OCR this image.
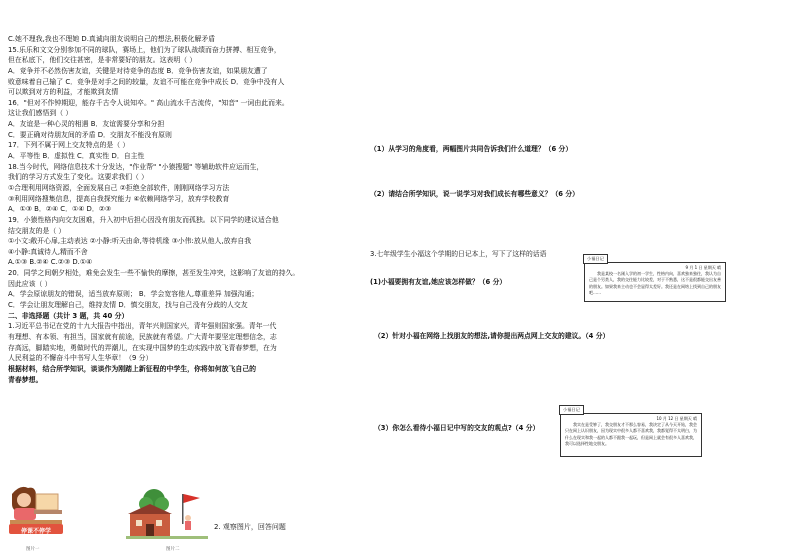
C.她不理我,我也不理她 D.真诚向朋友说明自己的想法,积极化解矛盾
15.乐乐和文文分别参加不同的球队，赛场上，他们为了球队战绩而奋力拼搏、相互竞争，
但在私底下，他们交往甚密，是非常要好的朋友。这表明（ ）
A．竞争并不必然伤害友谊，关键是对待竞争的态度 B．竞争伤害友谊，如果朋友遭了
败意味着自己输了 C．竞争是对手之间的较量，友谊不可能在竞争中成长 D．竞争中没有人
可以欺到对方的利益，才能欺到友情
16．"但对不作钟期迎，能存千古令人说知卒。" 高山流水千古流传，"知音" 一词由此而来。
这让我们感悟到（ ）
A．友谊是一种心灵的相遇 B．友谊需要分享和分担
C．要正确对待朋友间的矛盾 D．交朋友不能没有原则
17．下列不属于网上交友特点的是（ ）
A．平等性 B．虚拟性 C．真实性 D．自主性
18.当今时代，网络信息技术十分发达，"作业帮" "小猿搜题" 等辅助软件应运而生，
我们的学习方式发生了变化。这要求我们（ ）
①合理利用网络资源，全面发展自己 ②拒绝全部软件，刚刚网络学习方法
③利用网络搜集信息，提高自我探究能力 ④依赖网络学习，放弃学校教育
A．①③ B．②④ C．①④ D．②③
19．小猿性格内向交友困难，升入初中后担心因没有朋友而孤独。以下同学的建议适合他
结交朋友的是（ ）
①小文:敞开心扉,主动表达 ②小静:听天由命,等待机缘 ③小伟:放从他人,放弃自我
④小静:真诚待人,精而不舍
A.①③ B.②④ C.②③ D.①④
20．同学之间朝夕相处，难免会发生一些不愉快的摩擦，甚至发生冲突，这影响了友谊的持久。
因此应该（ ）
A．学会原谅朋友的错误，适当放弃原则； B．学会宽容他人,尊重差异 加强沟通；
C．学会让朋友理解自己，维持友情 D．慎交朋友，找与自己没有分歧的人交友
二、非选择题（共计 3 题，共 40 分）
1.习近平总书记在党的十九大报告中指出，青年兴则国家兴，青年强则国家强。青年一代
有理想、有本领、有担当，国家就有前途，民族就有希望。广大青年要坚定理想信念，志
存高远，脚踏实地，勇做时代的弄潮儿，在实现中国梦的生动实践中放飞青春梦想，在为
人民利益的不懈奋斗中书写人生华章！（9 分）
根据材料，结合所学知识，谈谈作为刚踏上新征程的中学生，你将如何放飞自己的
青春梦想。
停课不停学
图片一	图片二
2. 观察图片，回答问题
（1）从学习的角度看，两幅图片共同告诉我们什么道理？（6 分）
（2）请结合所学知识，说一说学习对我们成长有哪些意义？（6 分）
3.七年级学生小福这个学期的日记本上，写下了这样的话语
(1)小福要拥有友谊,她应该怎样做？（6 分）
（2）针对小福在网络上找朋友的想法,请你提出两点网上交友的建议。（4 分）
（3）你怎么看待小福日记中写的交友的观点?（4 分）
小福日记
9 月 1 日 星期天 晴
我是某校一名刚入学的初一学生，性格内向，喜欢独来独往，我认为自己是个另类人，我的交往能力比较差，对于不熟悉，这不是很都能交出友善的朋友。如果我来主动也不会显得太差好。我还是在网络上找到自己的朋友吧……
小福日记
10 月 12 日 星期天 晴
我实在是受够了，我交朋友才不那么容易，我决定了从今天开始，我会只在网上认识朋友，因为现实中很多人都不喜欢我，我都觉得不太明白，为什么在现实和我一起的人都不跟我一起玩，但是网上就会有很多人喜欢我，我可以选择性地交朋友。
